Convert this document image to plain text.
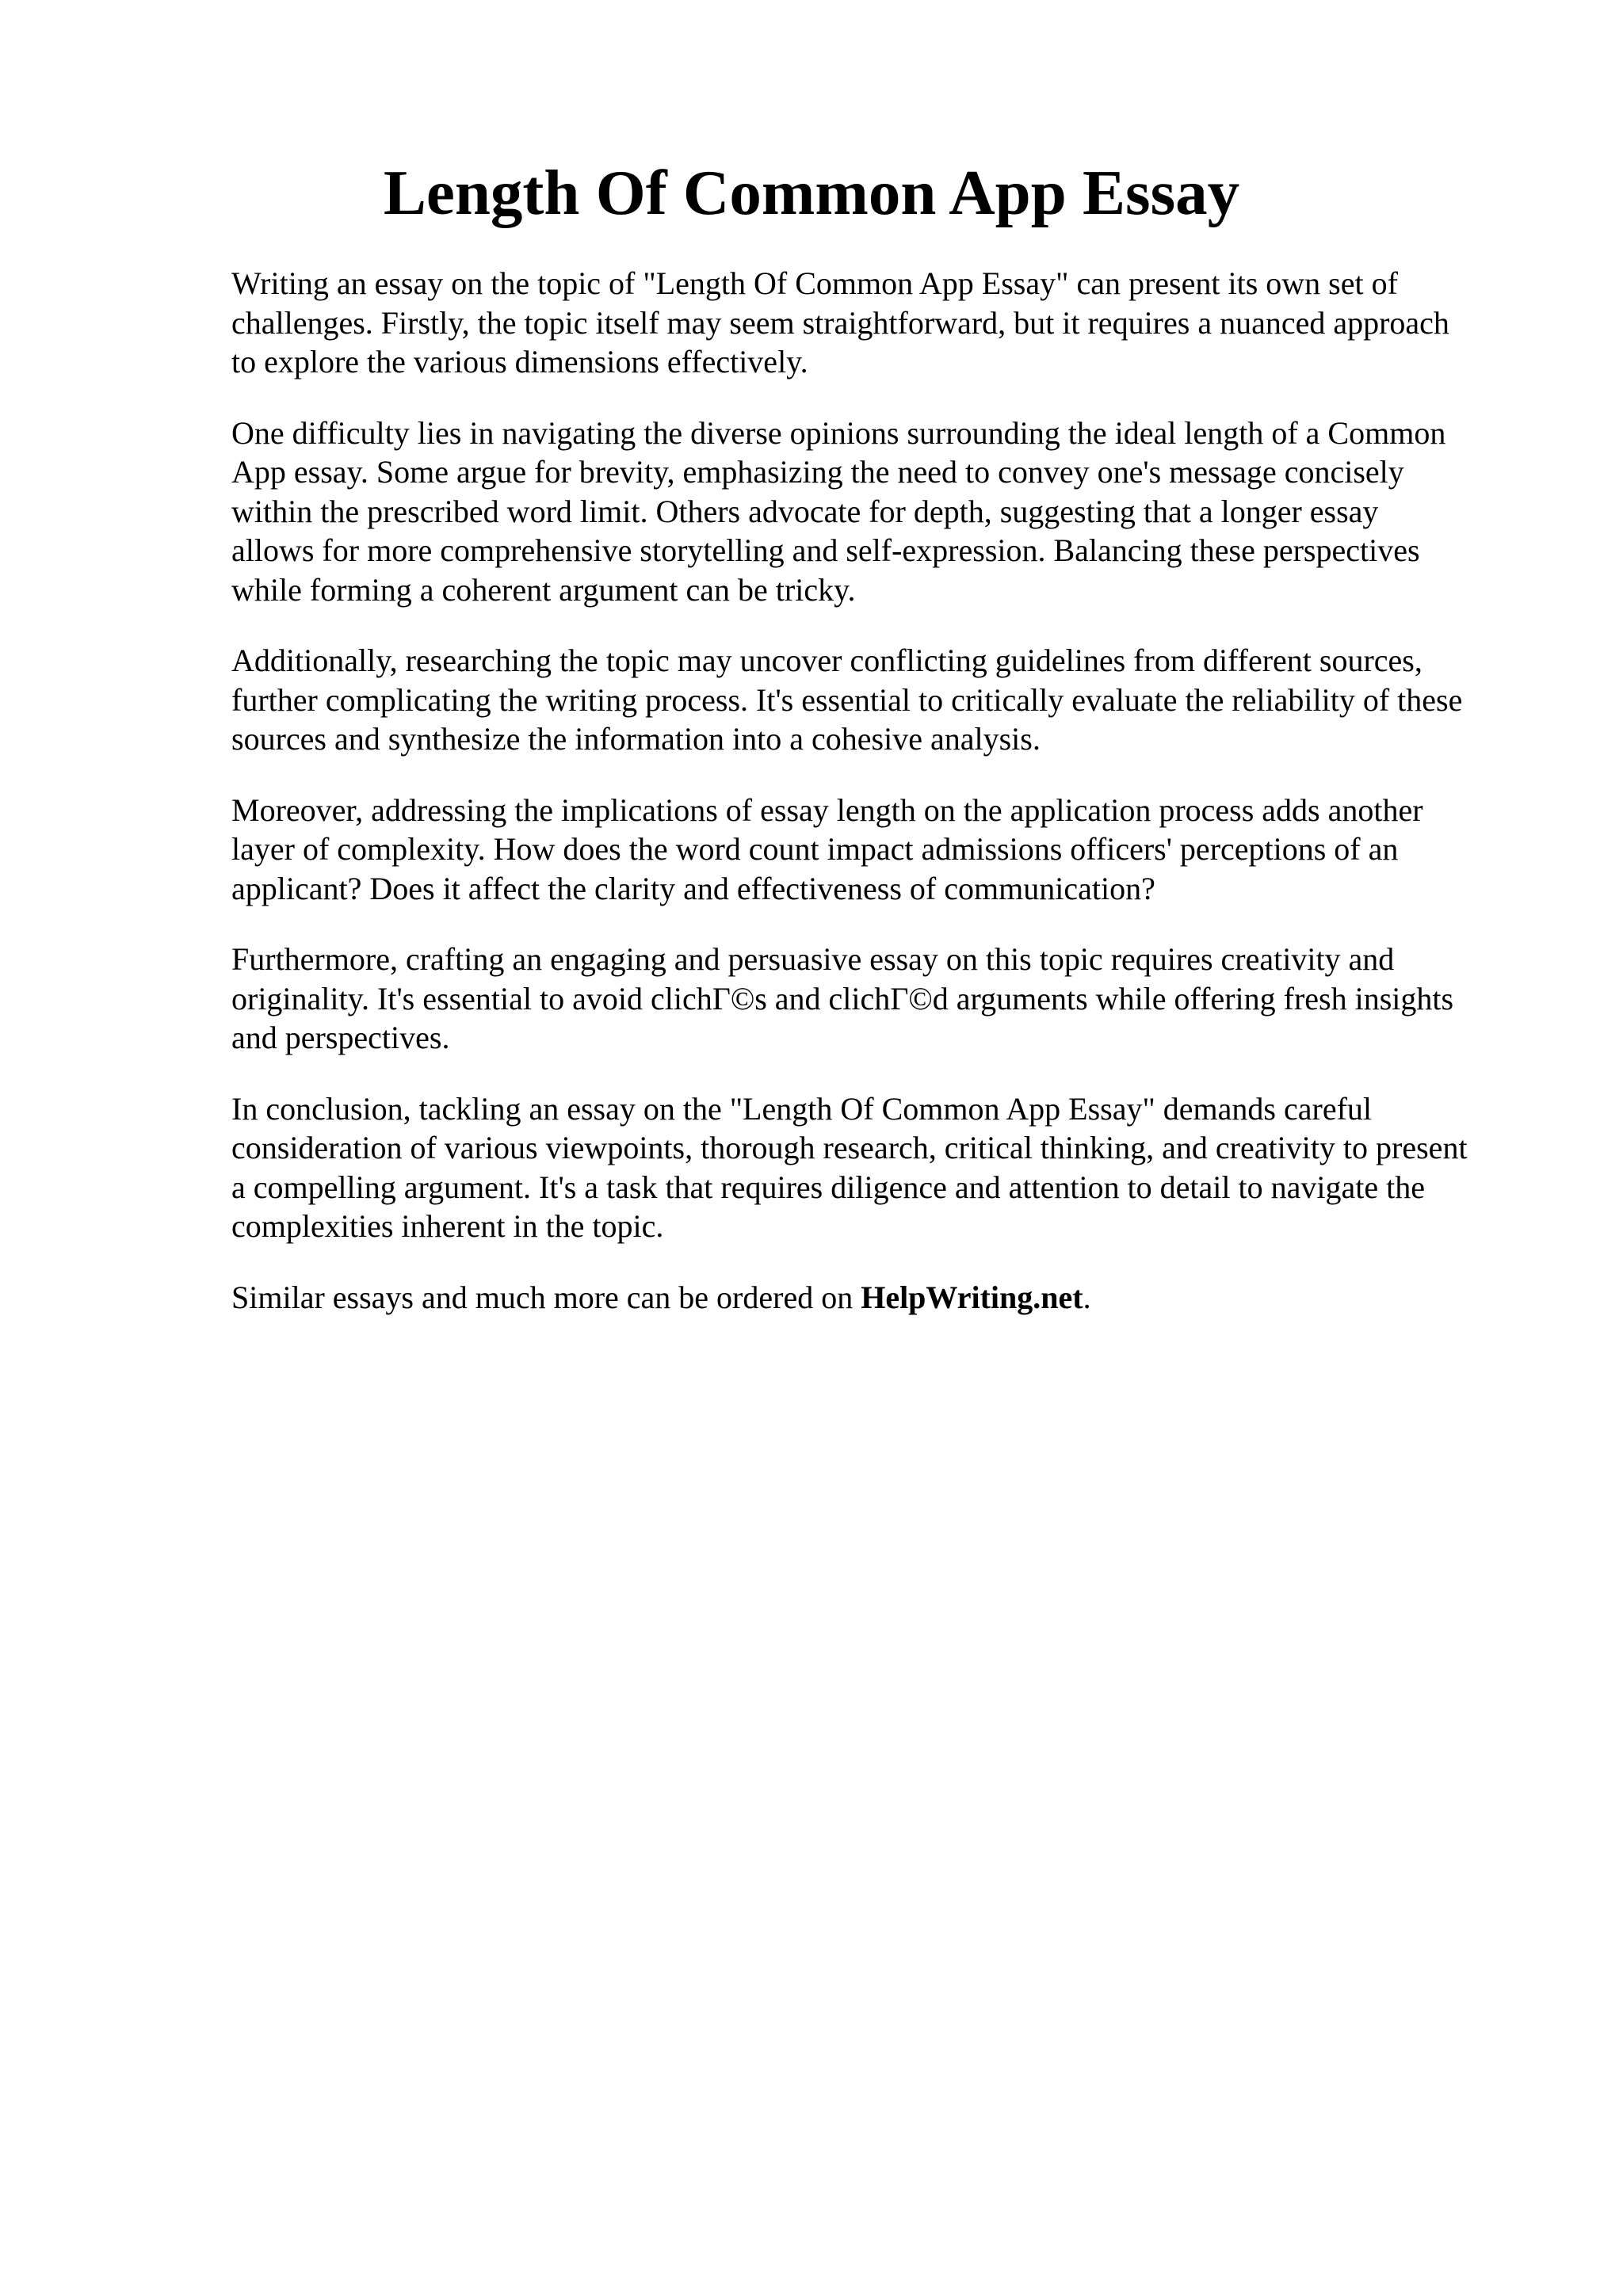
Length Of Common App Essay

Writing an essay on the topic of "Length Of Common App Essay" can present its own set of
challenges. Firstly, the topic itself may seem straightforward, but it requires a nuanced approach
to explore the various dimensions effectively.

One difficulty lies in navigating the diverse opinions surrounding the ideal length of a Common
App essay. Some argue for brevity, emphasizing the need to convey one's message concisely
within the prescribed word limit. Others advocate for depth, suggesting that a longer essay
allows for more comprehensive storytelling and self-expression. Balancing these perspectives
while forming a coherent argument can be tricky.

Additionally, researching the topic may uncover conflicting guidelines from different sources,
further complicating the writing process. It's essential to critically evaluate the reliability of these
sources and synthesize the information into a cohesive analysis.

Moreover, addressing the implications of essay length on the application process adds another
layer of complexity. How does the word count impact admissions officers' perceptions of an
applicant? Does it affect the clarity and effectiveness of communication?

Furthermore, crafting an engaging and persuasive essay on this topic requires creativity and
originality. It's essential to avoid clichΓ©s and clichΓ©d arguments while offering fresh insights
and perspectives.

In conclusion, tackling an essay on the "Length Of Common App Essay" demands careful
consideration of various viewpoints, thorough research, critical thinking, and creativity to present
a compelling argument. It's a task that requires diligence and attention to detail to navigate the
complexities inherent in the topic.

Similar essays and much more can be ordered on HelpWriting.net.
